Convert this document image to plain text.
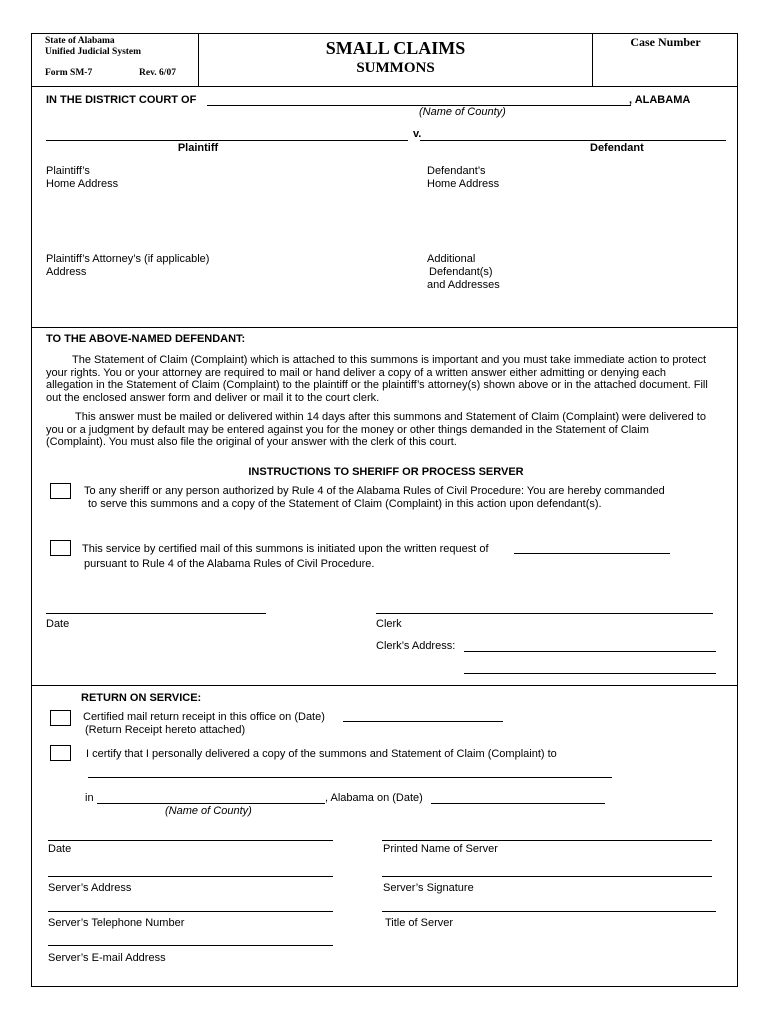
State of Alabama
Unified Judicial System
Form SM-7	Rev. 6/07
SMALL CLAIMS
SUMMONS
Case Number
IN THE DISTRICT COURT OF	, ALABAMA
(Name of County)
v.
Plaintiff	Defendant
Plaintiff’s
Home Address
Defendant’s
Home Address
Plaintiff’s Attorney’s (if applicable)
Address
Additional
Defendant(s)
and Addresses
TO THE ABOVE-NAMED DEFENDANT:
The Statement of Claim (Complaint) which is attached to this summons is important and you must take immediate action to protect your rights. You or your attorney are required to mail or hand deliver a copy of a written answer either admitting or denying each allegation in the Statement of Claim (Complaint) to the plaintiff or the plaintiff’s attorney(s) shown above or in the attached document. Fill out the enclosed answer form and deliver or mail it to the court clerk.
This answer must be mailed or delivered within 14 days after this summons and Statement of Claim (Complaint) were delivered to you or a judgment by default may be entered against you for the money or other things demanded in the Statement of Claim (Complaint). You must also file the original of your answer with the clerk of this court.
INSTRUCTIONS TO SHERIFF OR PROCESS SERVER
To any sheriff or any person authorized by Rule 4 of the Alabama Rules of Civil Procedure: You are hereby commanded
to serve this summons and a copy of the Statement of Claim (Complaint) in this action upon defendant(s).
This service by certified mail of this summons is initiated upon the written request of
pursuant to Rule 4 of the Alabama Rules of Civil Procedure.
Date	Clerk
Clerk’s Address:
RETURN ON SERVICE:
Certified mail return receipt in this office on (Date)
(Return Receipt hereto attached)
I certify that I personally delivered a copy of the summons and Statement of Claim (Complaint) to
in	, Alabama on (Date)
(Name of County)
Date	Printed Name of Server
Server’s Address	Server’s Signature
Server’s Telephone Number	Title of Server
Server’s E-mail Address
